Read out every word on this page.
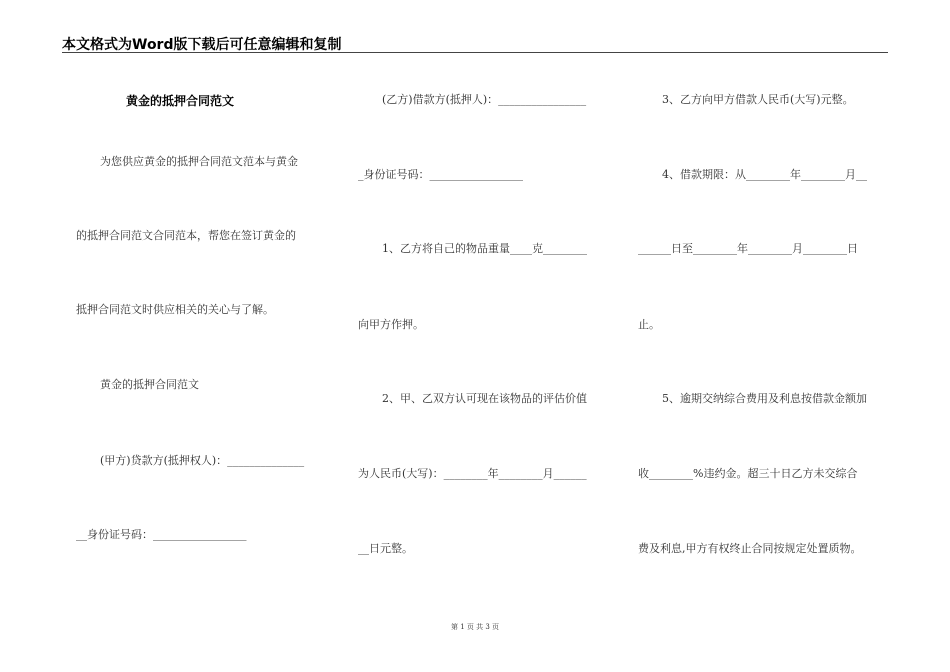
本文格式为Word版下载后可任意编辑和复制
黄金的抵押合同范文
为您供应黄金的抵押合同范文范本与黄金
的抵押合同范文合同范本，帮您在签订黄金的
抵押合同范文时供应相关的关心与了解。
黄金的抵押合同范文
(甲方)贷款方(抵押权人)：______________
__身份证号码：_________________
(乙方)借款方(抵押人)：________________
_身份证号码：_________________
1、乙方将自己的物品重量____克________
向甲方作押。
2、甲、乙双方认可现在该物品的评估价值
为人民币(大写)：________年________月______
__日元整。
3、乙方向甲方借款人民币(大写)元整。
4、借款期限：从________年________月__
______日至________年________月________日
止。
5、逾期交纳综合费用及利息按借款金额加
收________%违约金。超三十日乙方未交综合
费及利息,甲方有权终止合同按规定处置质物。
第 1 页 共 3 页
